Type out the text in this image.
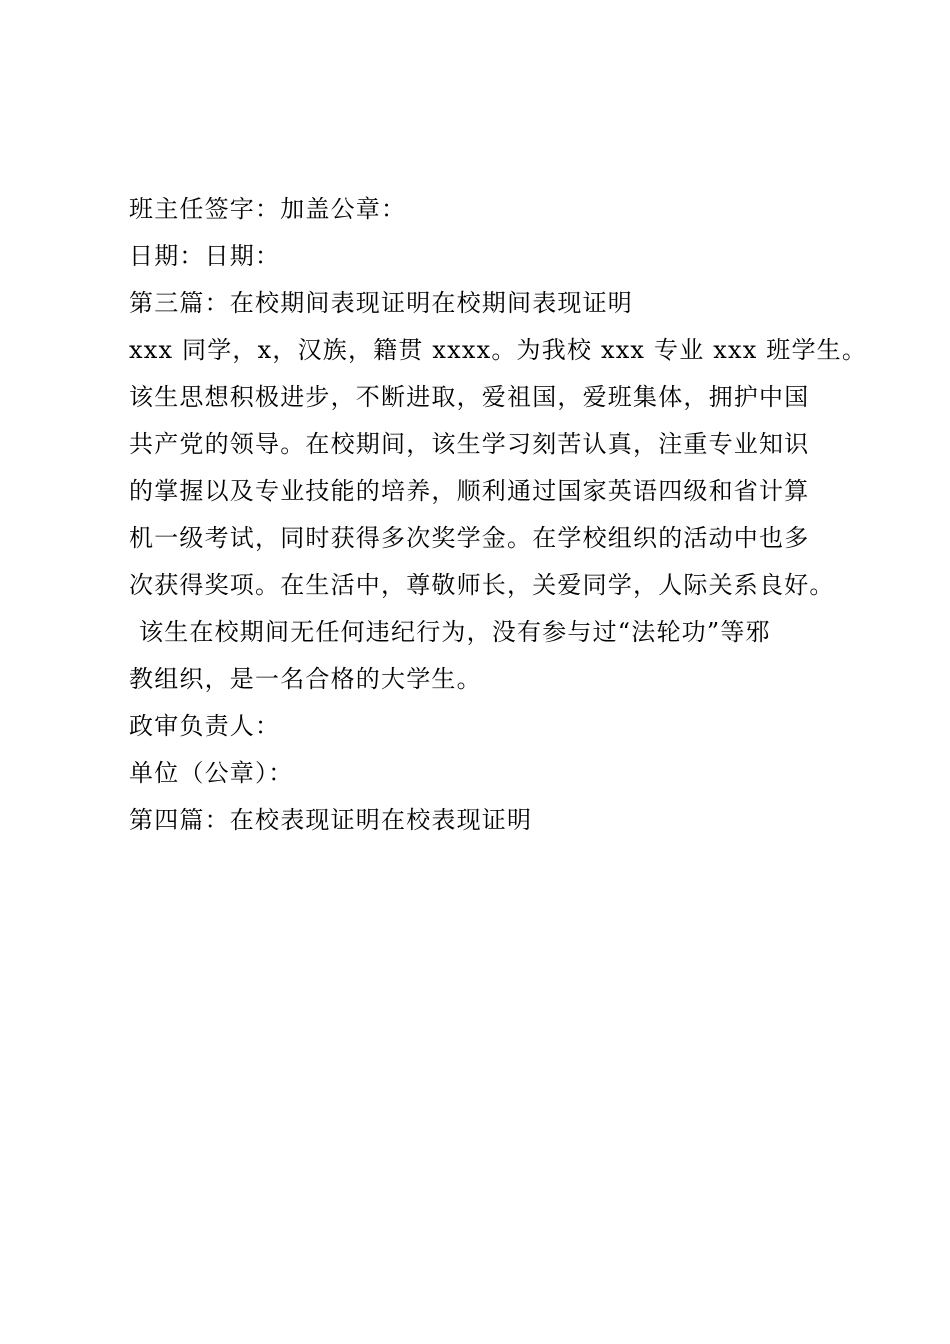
班主任签字：加盖公章：
日期：日期：
第三篇：在校期间表现证明在校期间表现证明
xxx 同学，x，汉族，籍贯 xxxx。为我校 xxx 专业 xxx 班学生。
该生思想积极进步，不断进取，爱祖国，爱班集体，拥护中国
共产党的领导。在校期间，该生学习刻苦认真，注重专业知识
的掌握以及专业技能的培养，顺利通过国家英语四级和省计算
机一级考试，同时获得多次奖学金。在学校组织的活动中也多
次获得奖项。在生活中，尊敬师长，关爱同学，人际关系良好。
该生在校期间无任何违纪行为，没有参与过“法轮功”等邪
教组织，是一名合格的大学生。
政审负责人：
单位（公章）：
第四篇：在校表现证明在校表现证明
